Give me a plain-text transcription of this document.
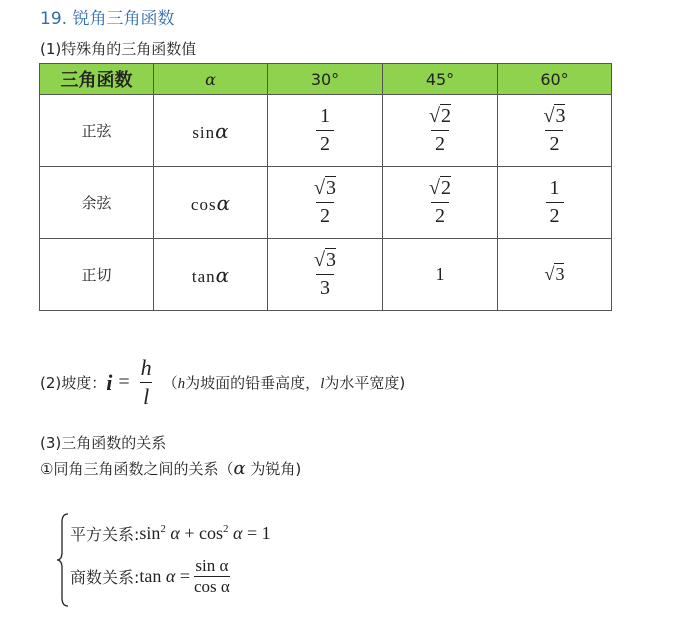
19. 锐角三角函数
(1)特殊角的三角函数值
三角函数	α	30°	45°	60°
正弦	sinα	$\frac{1}{2}$	$\frac{√2}{2}$	$\frac{√3}{2}$

余弦	cosα	$\frac{√3}{2}$	$\frac{√2}{2}$	$\frac{1}{2}$

正切	tanα	$\frac{√3}{3}$	1	√3
(2)坡度： $i = \frac{h}{l} (h$为坡面的铅垂高度，l为水平宽度)
(3)三角函数的关系
①同角三角函数之间的关系（α 为锐角)
平方关系: $\sin^2 \alpha + \cos^2 \alpha = 1$
商数关系: $\tan \alpha = \frac{\text{sin α}}{\text{cos α}}$
